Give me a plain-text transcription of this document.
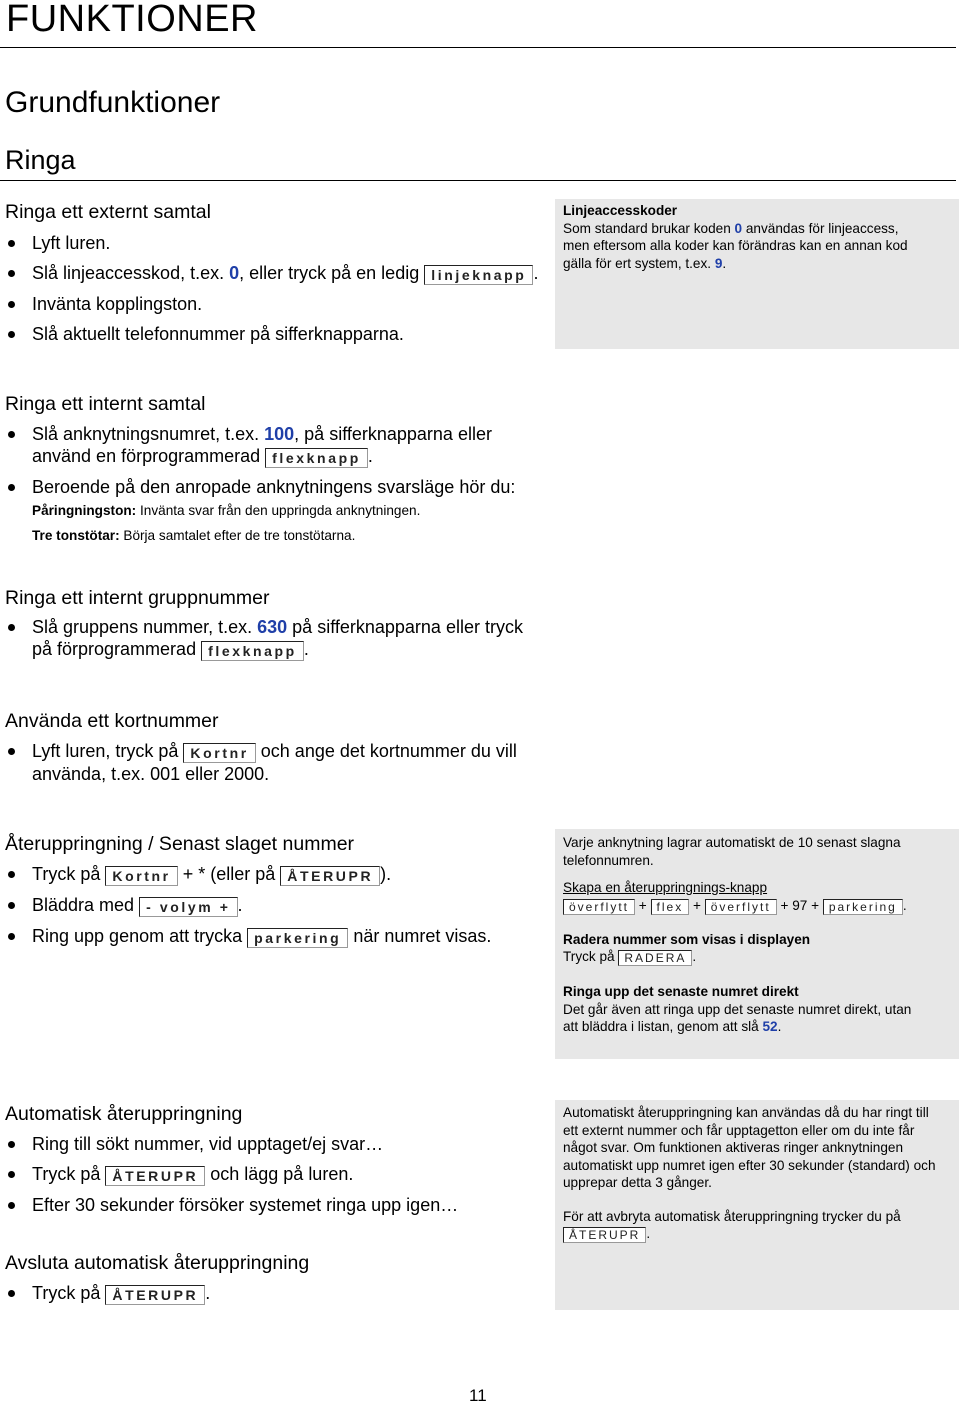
FUNKTIONER
Grundfunktioner
Ringa
Ringa ett externt samtal
Lyft luren.
Slå linjeaccesskod, t.ex. 0, eller tryck på en ledig linjeknapp .
Invänta kopplingston.
Slå aktuellt telefonnummer på sifferknapparna.

Linjeaccesskoder

Som standard brukar koden 0 användas för linjeaccess,

men eftersom alla koder kan förändras kan en annan kod

gälla för ert system, t.ex. 9.

Ringa ett internt samtal
Slå anknytningsnumret, t.ex. 100, på sifferknapparna eller
använd en förprogrammerad flexknapp .
Beroende på den anropade anknytningens svarsläge hör du:
Påringningston: Invänta svar från den uppringda anknytningen.
Tre tonstötar: Börja samtalet efter de tre tonstötarna.
Ringa ett internt gruppnummer
Slå gruppens nummer, t.ex. 630 på sifferknapparna eller tryck
på förprogrammerad flexknapp .
Använda ett kortnummer
Lyft luren, tryck på Kortnr och ange det kortnummer du vill
använda, t.ex. 001 eller 2000.
Återuppringning / Senast slaget nummer
Tryck på Kortnr + * (eller på ÅTERUPR ).
Bläddra med - volym + .
Ring upp genom att trycka parkering när numret visas.

Varje anknytning lagrar automatiskt de 10 senast slagna telefonnumren.

Skapa en återuppringnings-knapp

överflytt + flex + överflytt + 97 + parkering .

Radera nummer som visas i displayen

Tryck på RADERA .

Ringa upp det senaste numret direkt

Det går även att ringa upp det senaste numret direkt, utan

att bläddra i listan, genom att slå 52.

Automatisk återuppringning
Ring till sökt nummer, vid upptaget/ej svar…
Tryck på ÅTERUPR och lägg på luren.
Efter 30 sekunder försöker systemet ringa upp igen…

Automatiskt återuppringning kan användas då du har ringt till ett externt nummer och får upptagetton eller om du inte får något svar. Om funktionen aktiveras ringer anknytningen automatiskt upp numret igen efter 30 sekunder (standard) och upprepar detta 3 gånger.

För att avbryta automatisk återuppringning trycker du på

ÅTERUPR .

Avsluta automatisk återuppringning
Tryck på ÅTERUPR .
11
